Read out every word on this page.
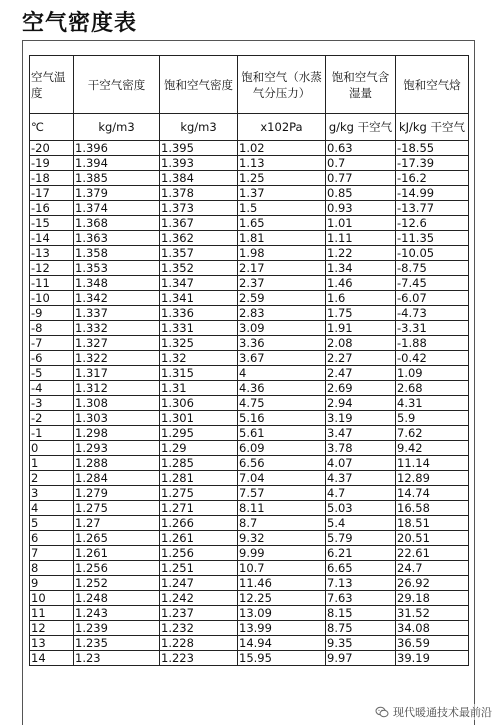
空气密度表
空气温度	干空气密度	饱和空气密度	饱和空气（水蒸气分压力）	饱和空气含湿量	饱和空气焓
℃	kg/m3	kg/m3	x102Pa	g/kg 干空气	kJ/kg 干空气
-20	1.396	1.395	1.02	0.63	-18.55
-19	1.394	1.393	1.13	0.7	-17.39
-18	1.385	1.384	1.25	0.77	-16.2
-17	1.379	1.378	1.37	0.85	-14.99
-16	1.374	1.373	1.5	0.93	-13.77
-15	1.368	1.367	1.65	1.01	-12.6
-14	1.363	1.362	1.81	1.11	-11.35
-13	1.358	1.357	1.98	1.22	-10.05
-12	1.353	1.352	2.17	1.34	-8.75
-11	1.348	1.347	2.37	1.46	-7.45
-10	1.342	1.341	2.59	1.6	-6.07
-9	1.337	1.336	2.83	1.75	-4.73
-8	1.332	1.331	3.09	1.91	-3.31
-7	1.327	1.325	3.36	2.08	-1.88
-6	1.322	1.32	3.67	2.27	-0.42
-5	1.317	1.315	4	2.47	1.09
-4	1.312	1.31	4.36	2.69	2.68
-3	1.308	1.306	4.75	2.94	4.31
-2	1.303	1.301	5.16	3.19	5.9
-1	1.298	1.295	5.61	3.47	7.62
0	1.293	1.29	6.09	3.78	9.42
1	1.288	1.285	6.56	4.07	11.14
2	1.284	1.281	7.04	4.37	12.89
3	1.279	1.275	7.57	4.7	14.74
4	1.275	1.271	8.11	5.03	16.58
5	1.27	1.266	8.7	5.4	18.51
6	1.265	1.261	9.32	5.79	20.51
7	1.261	1.256	9.99	6.21	22.61
8	1.256	1.251	10.7	6.65	24.7
9	1.252	1.247	11.46	7.13	26.92
10	1.248	1.242	12.25	7.63	29.18
11	1.243	1.237	13.09	8.15	31.52
12	1.239	1.232	13.99	8.75	34.08
13	1.235	1.228	14.94	9.35	36.59
14	1.23	1.223	15.95	9.97	39.19
现代暖通技术最前沿
